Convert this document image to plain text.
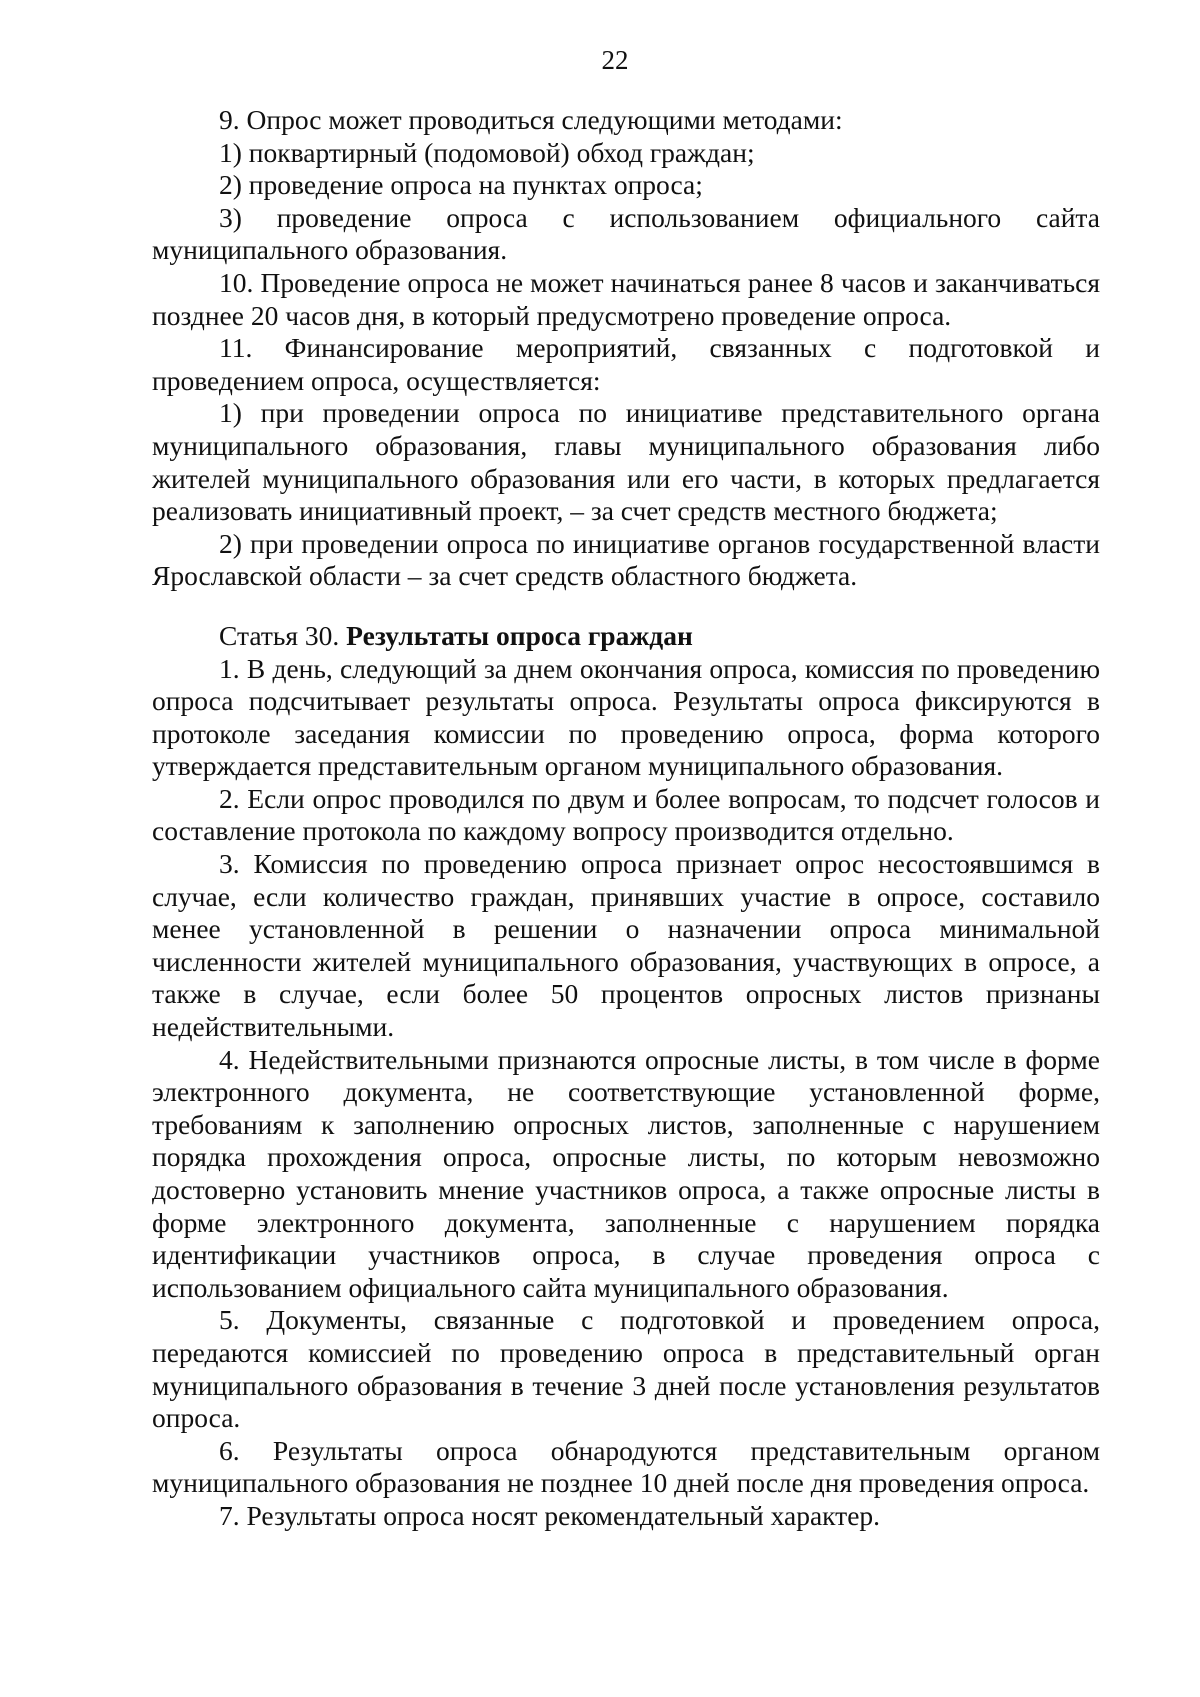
22

9. Опрос может проводиться следующими методами:

1) поквартирный (подомовой) обход граждан;

2) проведение опроса на пунктах опроса;

3) проведение опроса с использованием официального сайта муниципального образования.

10. Проведение опроса не может начинаться ранее 8 часов и заканчиваться позднее 20 часов дня, в который предусмотрено проведение опроса.

11. Финансирование мероприятий, связанных с подготовкой и проведением опроса, осуществляется:

1) при проведении опроса по инициативе представительного органа муниципального образования, главы муниципального образования либо жителей муниципального образования или его части, в которых предлагается реализовать инициативный проект, – за счет средств местного бюджета;

2) при проведении опроса по инициативе органов государственной власти Ярославской области – за счет средств областного бюджета.

Статья 30. Результаты опроса граждан

1. В день, следующий за днем окончания опроса, комиссия по проведению опроса подсчитывает результаты опроса. Результаты опроса фиксируются в протоколе заседания комиссии по проведению опроса, форма которого утверждается представительным органом муниципального образования.

2. Если опрос проводился по двум и более вопросам, то подсчет голосов и составление протокола по каждому вопросу производится отдельно.

3. Комиссия по проведению опроса признает опрос несостоявшимся в случае, если количество граждан, принявших участие в опросе, составило менее установленной в решении о назначении опроса минимальной численности жителей муниципального образования, участвующих в опросе, а также в случае, если более 50 процентов опросных листов признаны недействительными.

4. Недействительными признаются опросные листы, в том числе в форме электронного документа, не соответствующие установленной форме, требованиям к заполнению опросных листов, заполненные с нарушением порядка прохождения опроса, опросные листы, по которым невозможно достоверно установить мнение участников опроса, а также опросные листы в форме электронного документа, заполненные с нарушением порядка идентификации участников опроса, в случае проведения опроса с использованием официального сайта муниципального образования.

5. Документы, связанные с подготовкой и проведением опроса, передаются комиссией по проведению опроса в представительный орган муниципального образования в течение 3 дней после установления результатов опроса.

6. Результаты опроса обнародуются представительным органом муниципального образования не позднее 10 дней после дня проведения опроса.

7. Результаты опроса носят рекомендательный характер.
